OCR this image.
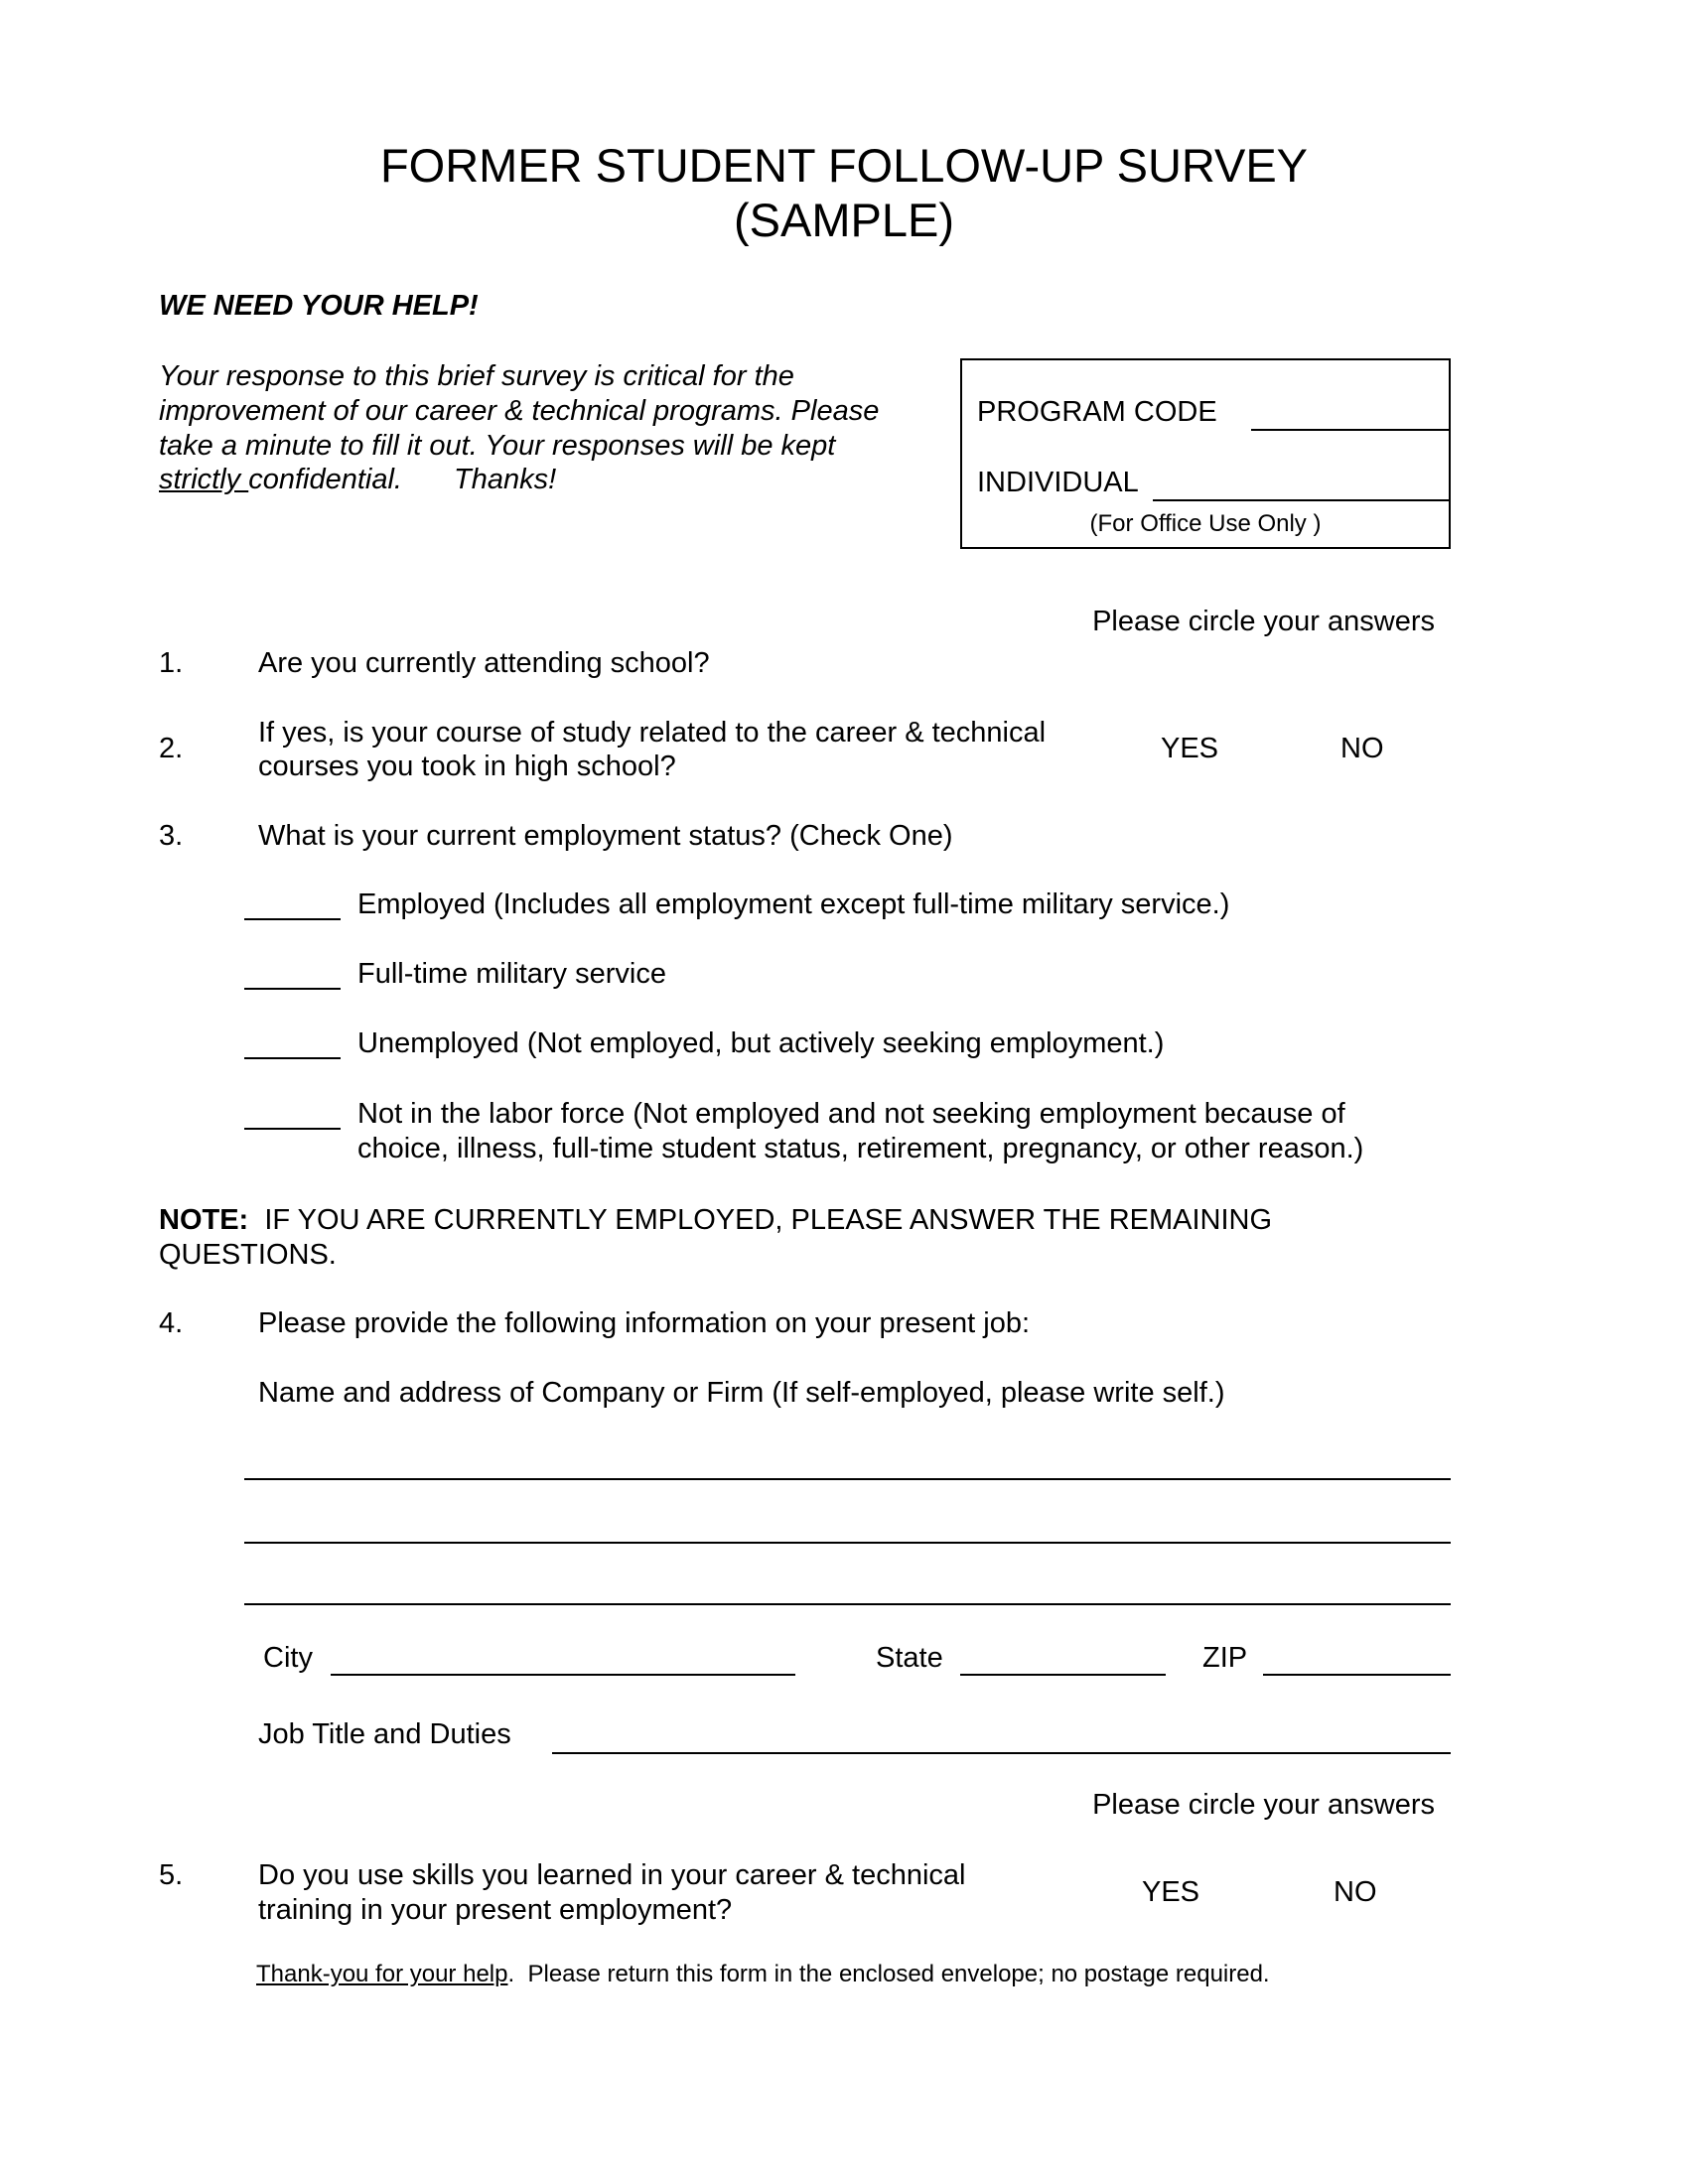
FORMER STUDENT FOLLOW-UP SURVEY
(SAMPLE)
WE NEED YOUR HELP!
Your response to this brief survey is critical for the
improvement of our career & technical programs. Please
take a minute to fill it out. Your responses will be kept
strictly confidential. Thanks!
PROGRAM CODE
INDIVIDUAL
(For Office Use Only )
Please circle your answers
1.	Are you currently attending school?
2.	If yes, is your course of study related to the career & technical
courses you took in high school?
YES	NO
3.	What is your current employment status? (Check One)
Employed (Includes all employment except full-time military service.)
Full-time military service
Unemployed (Not employed, but actively seeking employment.)
Not in the labor force (Not employed and not seeking employment because of
choice, illness, full-time student status, retirement, pregnancy, or other reason.)
NOTE:  IF YOU ARE CURRENTLY EMPLOYED, PLEASE ANSWER THE REMAINING
QUESTIONS.
4.	Please provide the following information on your present job:
Name and address of Company or Firm (If self-employed, please write self.)
City	State	ZIP
Job Title and Duties
Please circle your answers
5.	Do you use skills you learned in your career & technical
training in your present employment?
YES	NO
Thank-you for your help.  Please return this form in the enclosed envelope; no postage required.
